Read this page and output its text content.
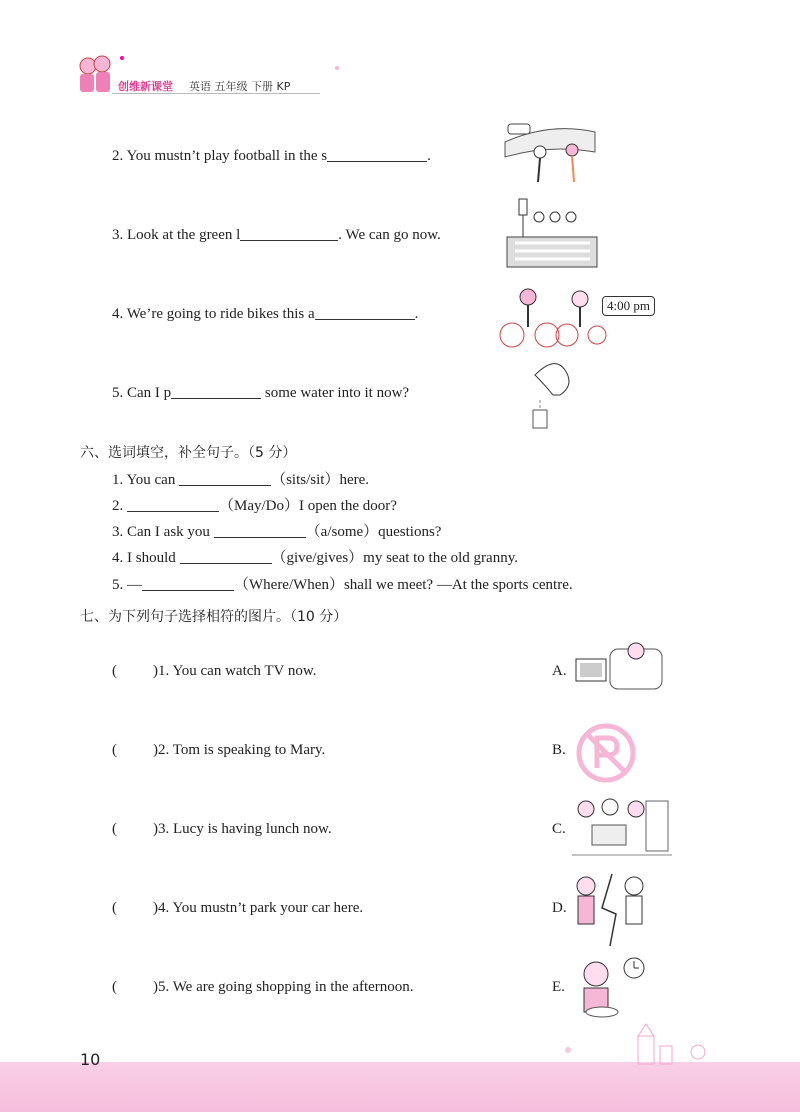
创维新课堂 英语 五年级 下册 KP
2. You mustn’t play football in the s	.
3. Look at the green l	. We can go now.
4. We’re going to ride bikes this a	.
4:00 pm
5. Can I p	some water into it now?
六、选词填空，补全句子。（5 分）
1. You can	（sits/sit）here.
2.	（May/Do）I open the door?
3. Can I ask you	（a/some）questions?
4. I should	（give/gives）my seat to the old granny.
5. —	（Where/When）shall we meet? —At the sports centre.
七、为下列句子选择相符的图片。（10 分）
( )1. You can watch TV now.	A.
( )2. Tom is speaking to Mary.	B.
( )3. Lucy is having lunch now.	C.
( )4. You mustn’t park your car here.	D.
( )5. We are going shopping in the afternoon.	E.
10
